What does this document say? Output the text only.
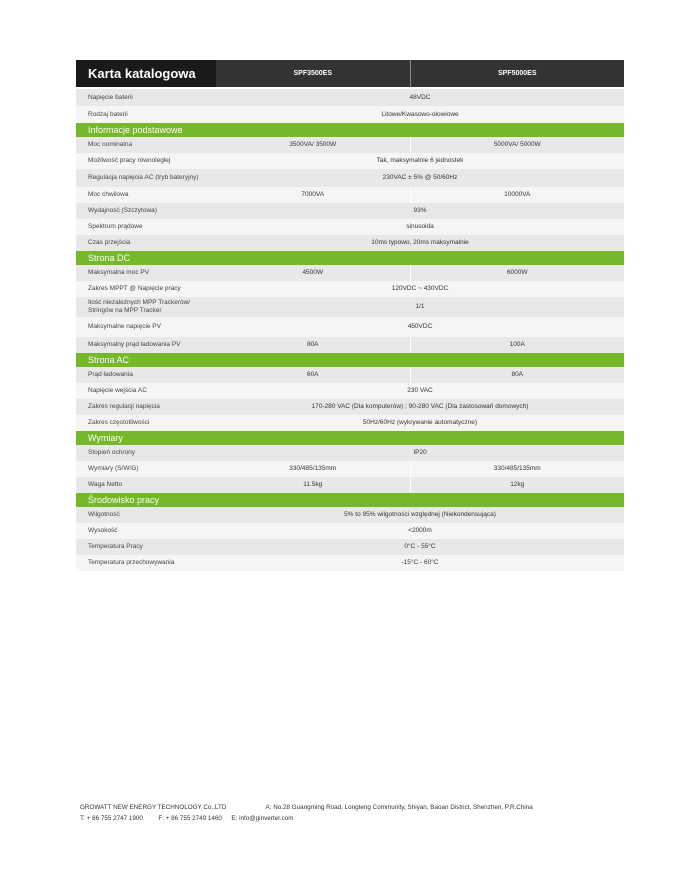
Karta katalogowa	SPF3500ES	SPF5000ES

Napięcie baterii	48VDC	
Rodzaj baterii	Litowe/Kwasowo-ołowiowe	
Informacje podstawowe		
Moc nominalna	3500VA/ 3500W	5000VA/ 5000W
Możliwość pracy równoległej	Tak, maksymalnie 6 jednostek	
Regulacja napięcia AC (tryb bateryjny)	230VAC ± 5% @ 50/60Hz	
Moc chwilowa	7000VA	10000VA
Wydajność (Szczytowa)	93%	
Spektrum prądowe	sinusoida	
Czas przejścia	10ms typowo, 20ms maksymalnie	
Strona DC		
Maksymalna moc PV	4500W	6000W
Zakres MPPT @ Napięcie pracy	120VDC ~ 430VDC	
Ilość niezależnych MPP Trackerów/ Stringów na MPP Tracker	1/1	
Maksymalne napięcie PV	450VDC	
Maksymalny prąd ładowania PV	80A	100A
Strona AC		
Prąd ładowania	60A	80A
Napięcie wejścia AC	230 VAC	
Zakres regulacji napięcia	170-280 VAC (Dla komputerów) ; 90-280 VAC (Dla zastosowań domowych)	
Zakres częstotliwości	50Hz/60Hz (wykrywanie automatyczne)	
Wymiary		
Stopień ochrony	IP20	
Wymiary (S/W/G)	330/485/135mm	330/485/135mm
Waga Netto	11.5kg	12kg
Środowisko pracy		
Wilgotność	5% to 95% wilgotności względnej (Niekondensująca)	
Wysokość	<2000m	
Temperatura Pracy	0°C - 55°C	
Temperatura przechowywania	-15°C - 60°C	
GROWATT NEW ENERGY TECHNOLOGY Co.,LTD	A: No.28 Guangming Road, Longteng Community, Shiyan, Baoan District, Shenzhen, P.R.China
T: + 86 755 2747 1900 F: + 86 755 2749 1460 E: info@ginverter.com
